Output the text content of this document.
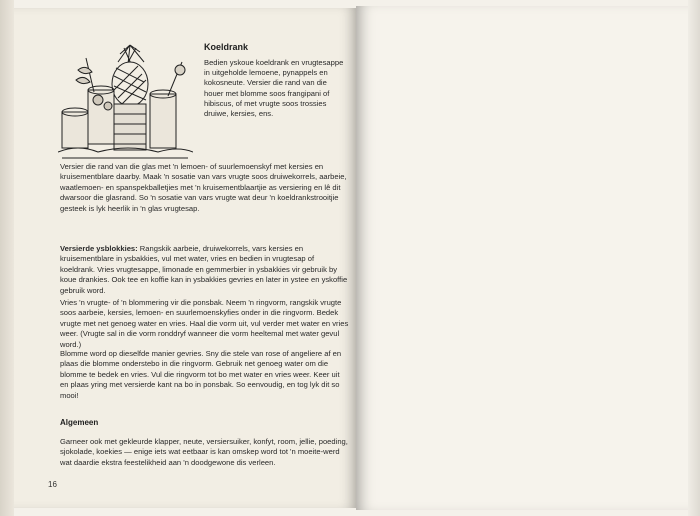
Koeldrank

Bedien yskoue koeldrank en vrugtesappe in uitgeholde lemoene, pynappels en kokosneute. Versier die rand van die houer met blomme soos frangipani of hibiscus, of met vrugte soos trossies druiwe, kersies, ens.

Versier die rand van die glas met 'n lemoen- of suurlemoenskyf met kersies en kruisementblare daarby. Maak 'n sosatie van vars vrugte soos druiwekorrels, aarbeie, waatlemoen- en spanspekballetjies met 'n kruisementblaartjie as versiering en lê dit dwarsoor die glasrand. So 'n sosatie van vars vrugte wat deur 'n koeldrankstrooitjie gesteek is lyk heerlik in 'n glas vrugtesap.

Versierde ysblokkies: Rangskik aarbeie, druiwekorrels, vars kersies en kruisementblare in ysbakkies, vul met water, vries en bedien in vrugtesap of koeldrank. Vries vrugtesappe, limonade en gemmerbier in ysbakkies vir gebruik by koue drankies. Ook tee en koffie kan in ysbakkies gevries en later in ystee en yskoffie gebruik word.

Vries 'n vrugte- of 'n blommering vir die ponsbak. Neem 'n ringvorm, rangskik vrugte soos aarbeie, kersies, lemoen- en suurlemoenskyfies onder in die ringvorm. Bedek vrugte met net genoeg water en vries. Haal die vorm uit, vul verder met water en vries weer. (Vrugte sal in die vorm ronddryf wanneer die vorm heeltemal met water gevul word.)

Blomme word op dieselfde manier gevries. Sny die stele van rose of angeliere af en plaas die blomme onderstebo in die ringvorm. Gebruik net genoeg water om die blomme te bedek en vries. Vul die ringvorm tot bo met water en vries weer. Keer uit en plaas yring met versierde kant na bo in ponsbak. So eenvoudig, en tog lyk dit so mooi!

Algemeen

Garneer ook met gekleurde klapper, neute, versiersuiker, konfyt, room, jellie, poeding, sjokolade, koekies — enige iets wat eetbaar is kan omskep word tot 'n moeite-werd wat daardie ekstra feestelikheid aan 'n doodgewone dis verleen.

16
